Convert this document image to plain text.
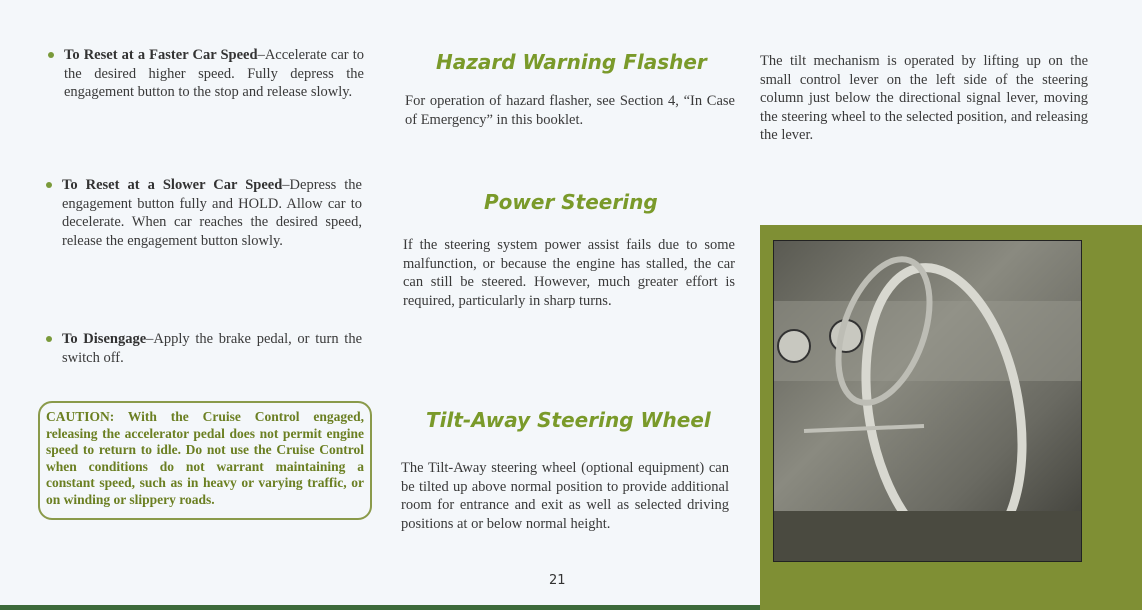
To Reset at a Faster Car Speed–Accelerate car to the desired higher speed. Fully depress the engagement button to the stop and release slowly.
To Reset at a Slower Car Speed–Depress the engagement button fully and HOLD. Allow car to decelerate. When car reaches the desired speed, release the engagement button slowly.
To Disengage–Apply the brake pedal, or turn the switch off.
CAUTION: With the Cruise Control engaged, releasing the accelerator pedal does not permit engine speed to return to idle. Do not use the Cruise Control when conditions do not warrant maintaining a constant speed, such as in heavy or varying traffic, or on winding or slippery roads.
Hazard Warning Flasher
For operation of hazard flasher, see Section 4, “In Case of Emergency” in this booklet.
Power Steering
If the steering system power assist fails due to some malfunction, or because the engine has stalled, the car can still be steered. However, much greater effort is required, particularly in sharp turns.
Tilt-Away Steering Wheel
The Tilt-Away steering wheel (optional equipment) can be tilted up above normal position to provide additional room for entrance and exit as well as selected driving positions at or below normal height.
The tilt mechanism is operated by lifting up on the small control lever on the left side of the steering column just below the directional signal lever, moving the steering wheel to the selected position, and releasing the lever.
21
